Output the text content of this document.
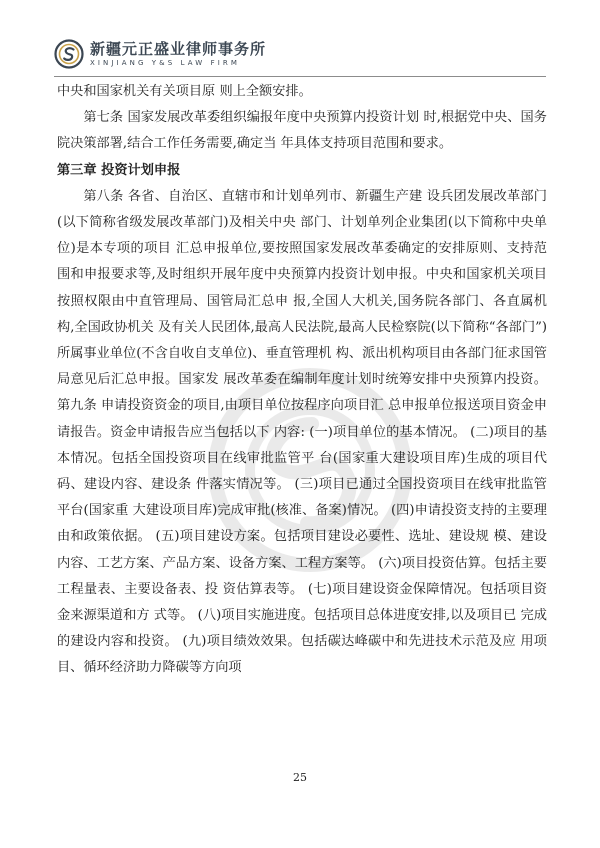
新疆元正盛业律师事务所
XINJIANG Y&S LAW FIRM

中央和国家机关有关项目原 则上全额安排。

第七条 国家发展改革委组织编报年度中央预算内投资计划 时,根据党中央、国务院决策部署,结合工作任务需要,确定当 年具体支持项目范围和要求。

第三章 投资计划申报

第八条 各省、自治区、直辖市和计划单列市、新疆生产建 设兵团发展改革部门(以下简称省级发展改革部门)及相关中央 部门、计划单列企业集团(以下简称中央单位)是本专项的项目 汇总申报单位,要按照国家发展改革委确定的安排原则、支持范 围和申报要求等,及时组织开展年度中央预算内投资计划申报。中央和国家机关项目按照权限由中直管理局、国管局汇总申 报,全国人大机关,国务院各部门、各直属机构,全国政协机关 及有关人民团体,最高人民法院,最高人民检察院(以下简称“各部门”)所属事业单位(不含自收自支单位)、垂直管理机 构、派出机构项目由各部门征求国管局意见后汇总申报。国家发 展改革委在编制年度计划时统筹安排中央预算内投资。 第九条 申请投资资金的项目,由项目单位按程序向项目汇 总申报单位报送项目资金申请报告。资金申请报告应当包括以下 内容: (一)项目单位的基本情况。 (二)项目的基本情况。包括全国投资项目在线审批监管平 台(国家重大建设项目库)生成的项目代码、建设内容、建设条 件落实情况等。 (三)项目已通过全国投资项目在线审批监管平台(国家重 大建设项目库)完成审批(核准、备案)情况。 (四)申请投资支持的主要理由和政策依据。 (五)项目建设方案。包括项目建设必要性、选址、建设规 模、建设内容、工艺方案、产品方案、设备方案、工程方案等。 (六)项目投资估算。包括主要工程量表、主要设备表、投 资估算表等。 (七)项目建设资金保障情况。包括项目资金来源渠道和方 式等。 (八)项目实施进度。包括项目总体进度安排,以及项目已 完成的建设内容和投资。 (九)项目绩效效果。包括碳达峰碳中和先进技术示范及应 用项目、循环经济助力降碳等方向项

25
